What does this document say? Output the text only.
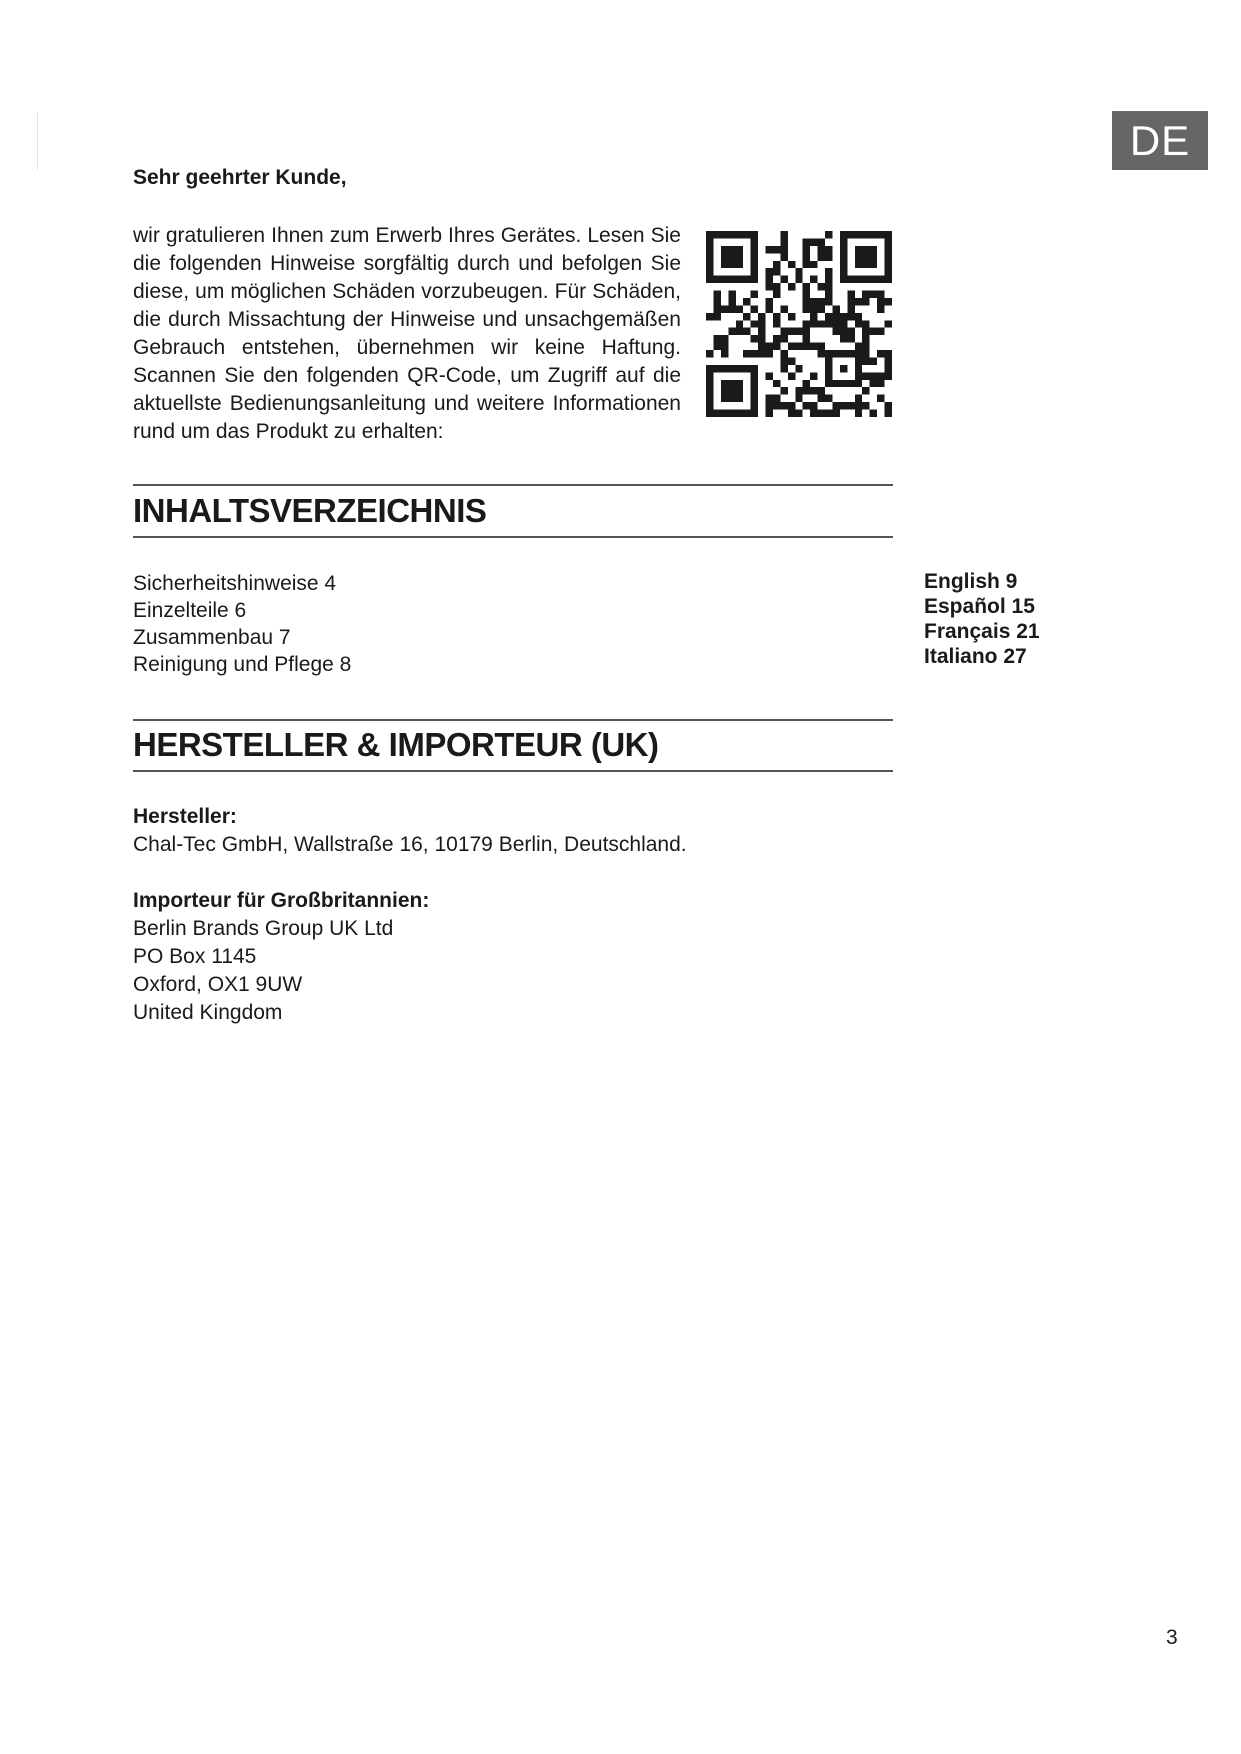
DE
Sehr geehrter Kunde,

wir gratulieren Ihnen zum Erwerb Ihres Gerätes. Lesen Sie die folgenden Hinweise sorgfältig durch und befolgen Sie diese, um möglichen Schäden vorzubeugen. Für Schäden, die durch Missachtung der Hinweise und unsachgemäßen Gebrauch entstehen, übernehmen wir keine Haftung. Scannen Sie den folgenden QR-Code, um Zugriff auf die aktuellste Bedienungsanleitung und weitere Informationen rund um das Produkt zu erhalten:

INHALTSVERZEICHNIS
Sicherheitshinweise 4
Einzelteile 6
Zusammenbau 7
Reinigung und Pflege 8
English 9
Español 15
Français 21
Italiano 27
HERSTELLER & IMPORTEUR (UK)
Hersteller:
Chal-Tec GmbH, Wallstraße 16, 10179 Berlin, Deutschland.
Importeur für Großbritannien:
Berlin Brands Group UK Ltd
PO Box 1145
Oxford, OX1 9UW
United Kingdom
3
